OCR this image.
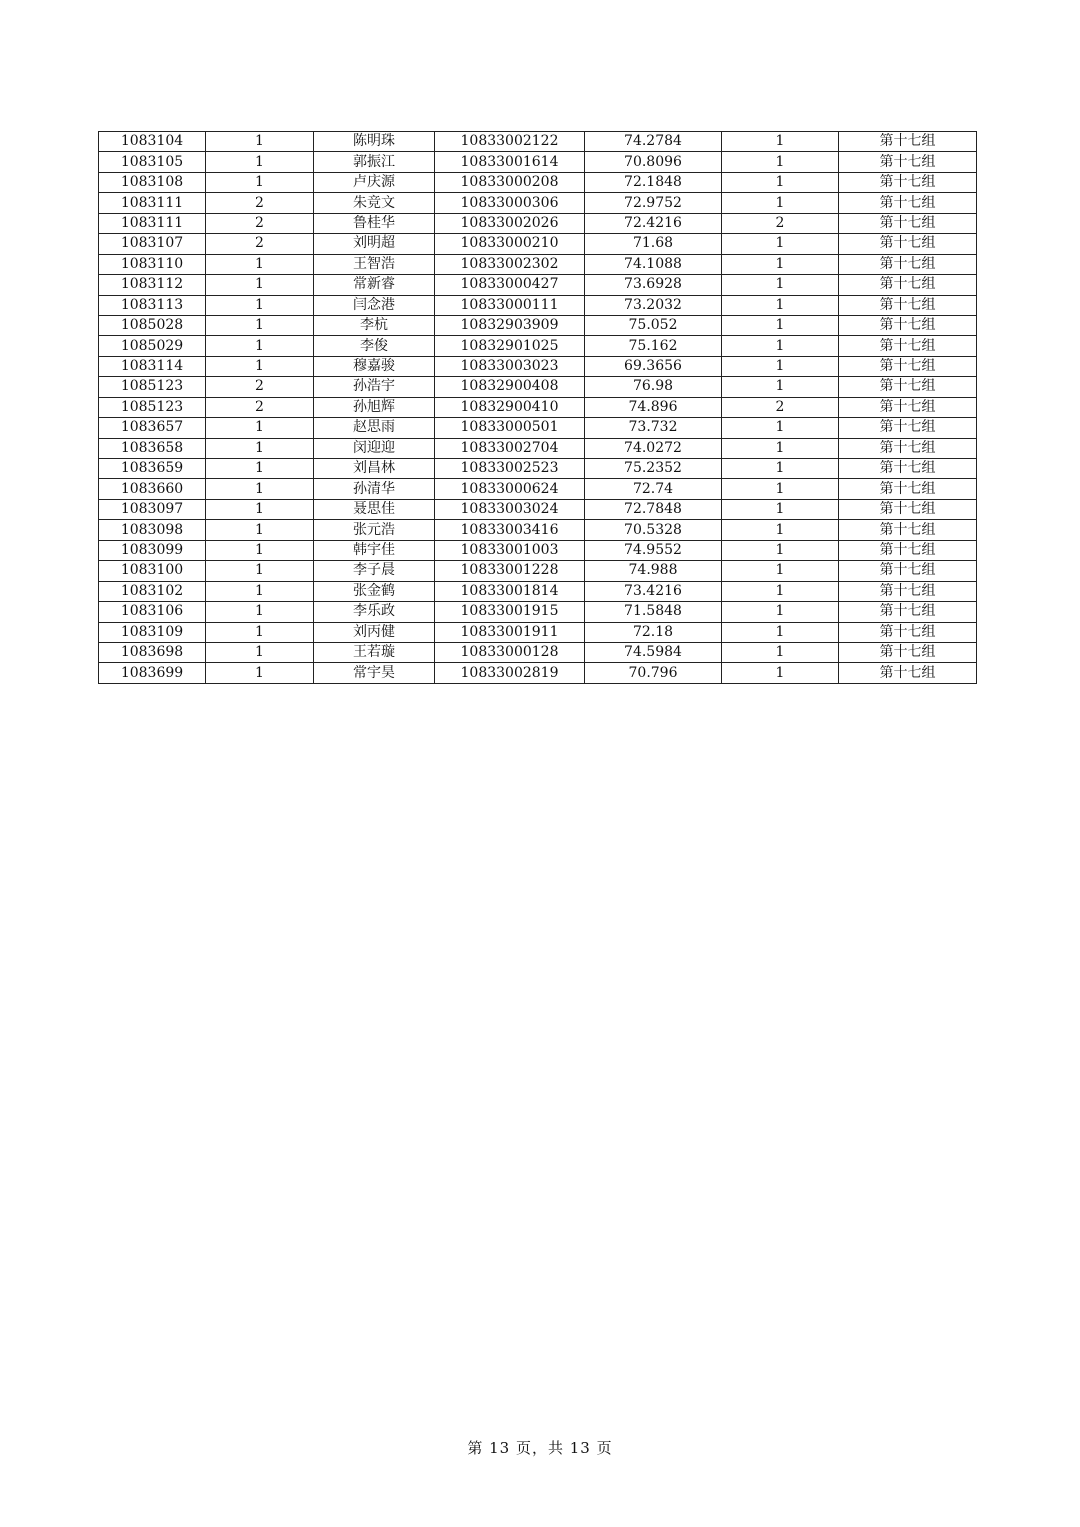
1083104	1	陈明珠	10833002122	74.2784	1	第十七组
1083105	1	郭振江	10833001614	70.8096	1	第十七组
1083108	1	卢庆源	10833000208	72.1848	1	第十七组
1083111	2	朱竞文	10833000306	72.9752	1	第十七组
1083111	2	鲁桂华	10833002026	72.4216	2	第十七组
1083107	2	刘明超	10833000210	71.68	1	第十七组
1083110	1	王智浩	10833002302	74.1088	1	第十七组
1083112	1	常新睿	10833000427	73.6928	1	第十七组
1083113	1	闫念港	10833000111	73.2032	1	第十七组
1085028	1	李杭	10832903909	75.052	1	第十七组
1085029	1	李俊	10832901025	75.162	1	第十七组
1083114	1	穆嘉骏	10833003023	69.3656	1	第十七组
1085123	2	孙浩宇	10832900408	76.98	1	第十七组
1085123	2	孙旭辉	10832900410	74.896	2	第十七组
1083657	1	赵思雨	10833000501	73.732	1	第十七组
1083658	1	闵迎迎	10833002704	74.0272	1	第十七组
1083659	1	刘昌林	10833002523	75.2352	1	第十七组
1083660	1	孙清华	10833000624	72.74	1	第十七组
1083097	1	聂思佳	10833003024	72.7848	1	第十七组
1083098	1	张元浩	10833003416	70.5328	1	第十七组
1083099	1	韩宇佳	10833001003	74.9552	1	第十七组
1083100	1	李子晨	10833001228	74.988	1	第十七组
1083102	1	张金鹤	10833001814	73.4216	1	第十七组
1083106	1	李乐政	10833001915	71.5848	1	第十七组
1083109	1	刘丙健	10833001911	72.18	1	第十七组
1083698	1	王若璇	10833000128	74.5984	1	第十七组
1083699	1	常宇昊	10833002819	70.796	1	第十七组
第 13 页，共 13 页
